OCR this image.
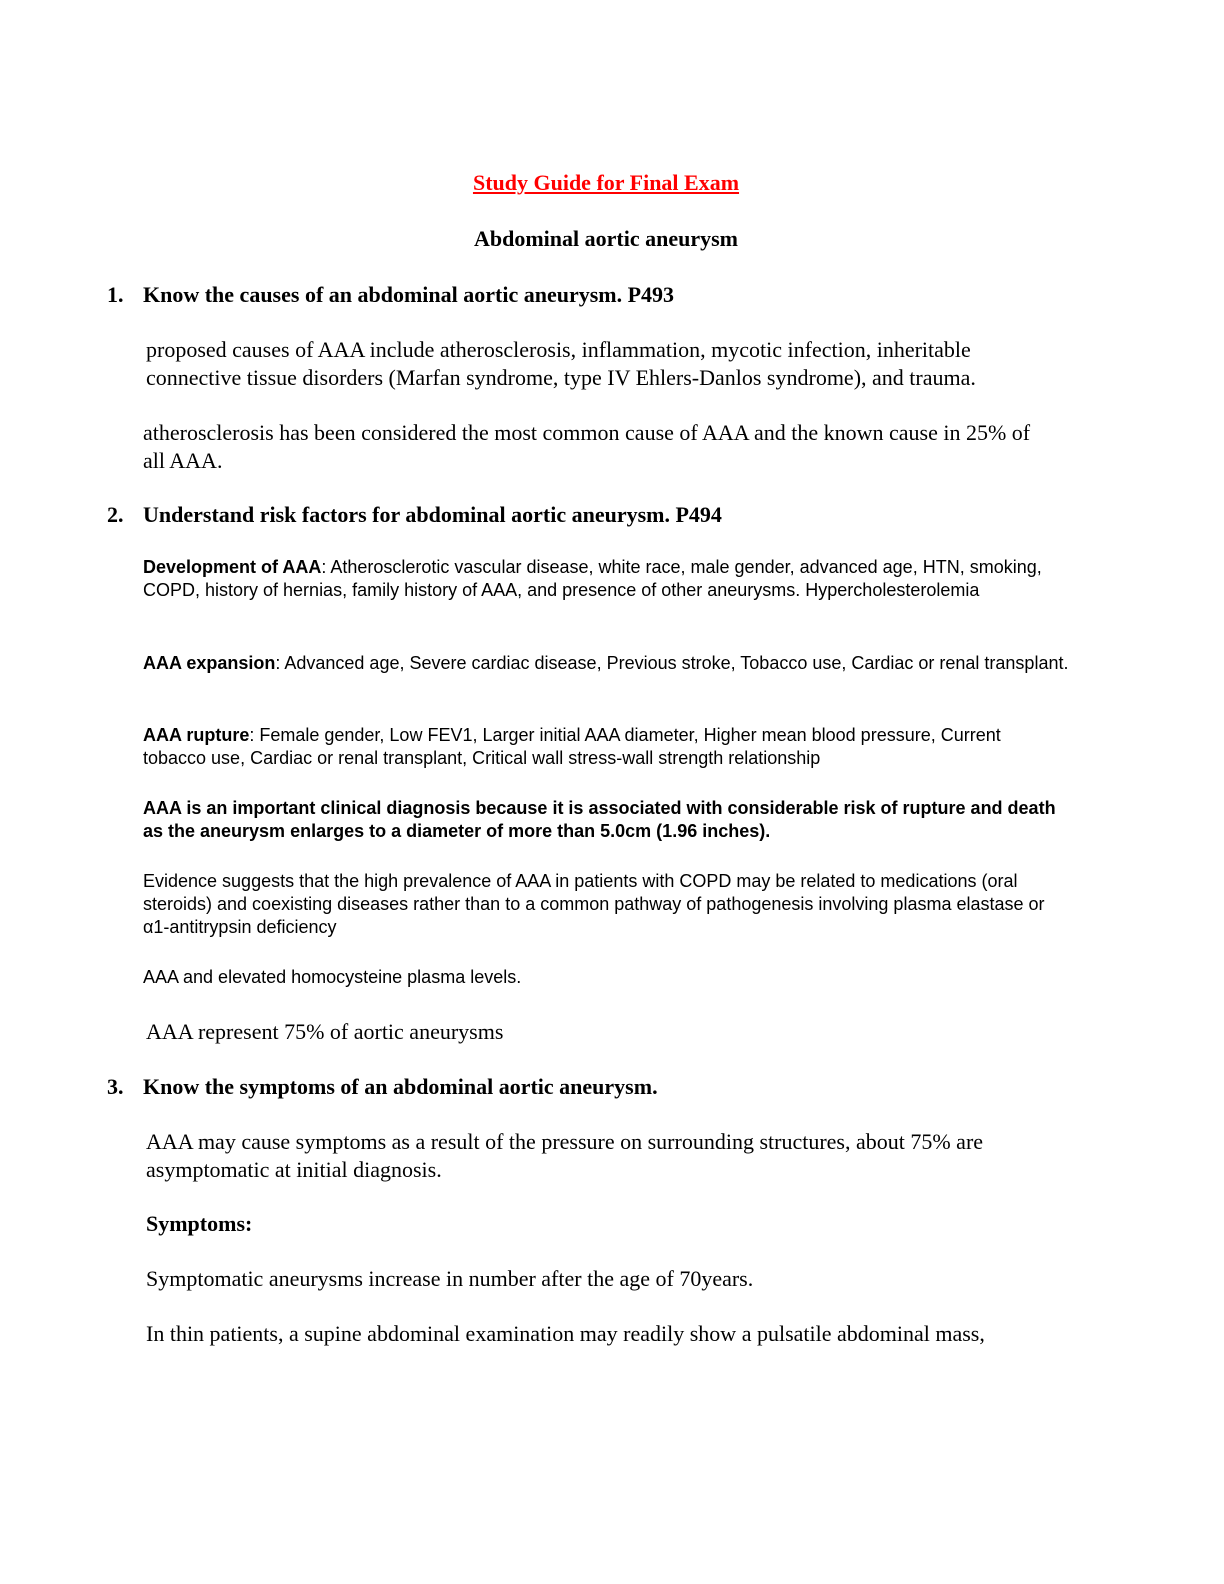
Study Guide for Final Exam
Abdominal aortic aneurysm
1. Know the causes of an abdominal aortic aneurysm. P493
proposed causes of AAA include atherosclerosis, inflammation, mycotic infection, inheritable connective tissue disorders (Marfan syndrome, type IV Ehlers-Danlos syndrome), and trauma.
atherosclerosis has been considered the most common cause of AAA and the known cause in 25% of all AAA.
2. Understand risk factors for abdominal aortic aneurysm. P494
Development of AAA: Atherosclerotic vascular disease, white race, male gender, advanced age, HTN, smoking, COPD, history of hernias, family history of AAA, and presence of other aneurysms. Hypercholesterolemia
AAA expansion: Advanced age, Severe cardiac disease, Previous stroke, Tobacco use, Cardiac or renal transplant.
AAA rupture: Female gender, Low FEV1, Larger initial AAA diameter, Higher mean blood pressure, Current tobacco use, Cardiac or renal transplant, Critical wall stress-wall strength relationship
AAA is an important clinical diagnosis because it is associated with considerable risk of rupture and death as the aneurysm enlarges to a diameter of more than 5.0cm (1.96 inches).
Evidence suggests that the high prevalence of AAA in patients with COPD may be related to medications (oral steroids) and coexisting diseases rather than to a common pathway of pathogenesis involving plasma elastase or α1-antitrypsin deficiency
AAA and elevated homocysteine plasma levels.
AAA represent 75% of aortic aneurysms
3. Know the symptoms of an abdominal aortic aneurysm.
AAA may cause symptoms as a result of the pressure on surrounding structures, about 75% are asymptomatic at initial diagnosis.
Symptoms:
Symptomatic aneurysms increase in number after the age of 70years.
In thin patients, a supine abdominal examination may readily show a pulsatile abdominal mass,
